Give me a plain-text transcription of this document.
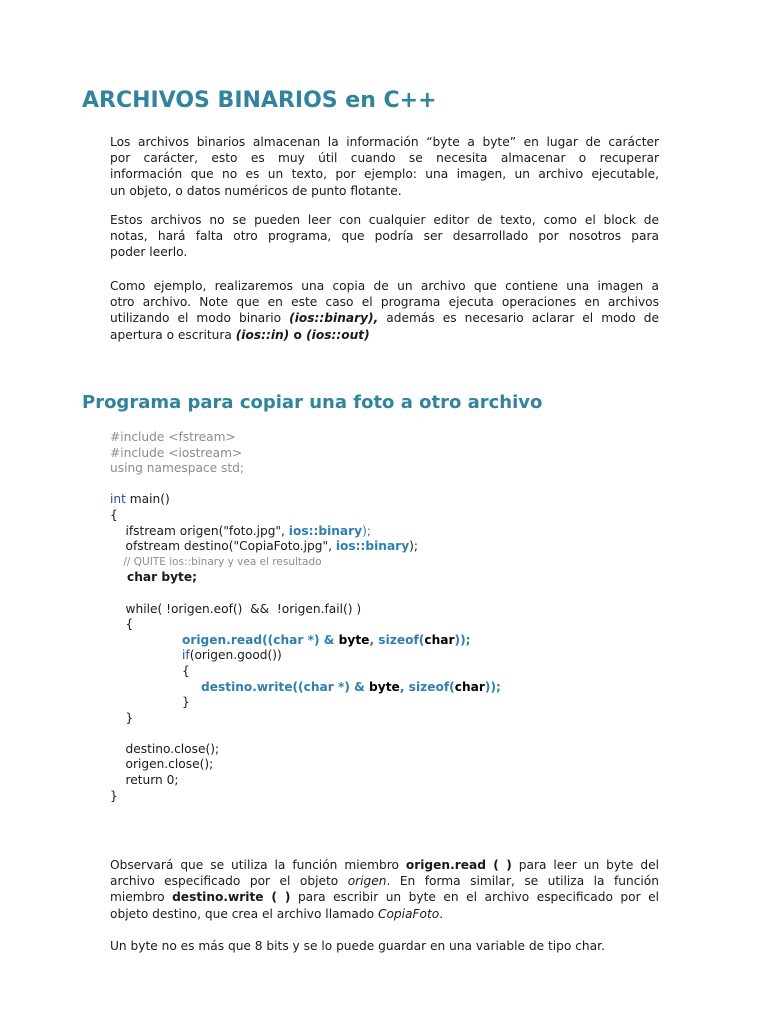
ARCHIVOS BINARIOS en C++
Los archivos binarios almacenan la información “byte a byte” en lugar de carácter
por carácter, esto es muy útil cuando se necesita almacenar o recuperar
información que no es un texto, por ejemplo: una imagen, un archivo ejecutable,
un objeto, o datos numéricos de punto flotante.
Estos archivos no se pueden leer con cualquier editor de texto, como el block de
notas, hará falta otro programa, que podría ser desarrollado por nosotros para
poder leerlo.
Como ejemplo, realizaremos una copia de un archivo que contiene una imagen a
otro archivo. Note que en este caso el programa ejecuta operaciones en archivos
utilizando el modo binario (ios::binary), además es necesario aclarar el modo de
apertura o escritura (ios::in) o (ios::out)
Programa para copiar una foto a otro archivo
#include <fstream>
#include <iostream>
using namespace std;
int main()
{
ifstream origen("foto.jpg", ios::binary);
ofstream destino("CopiaFoto.jpg", ios::binary);
// QUITE ios::binary y vea el resultado
char byte;
while( !origen.eof()  &&  !origen.fail() )
{
origen.read((char *) & byte, sizeof(char));
if(origen.good())
{
destino.write((char *) & byte, sizeof(char));
}
}
destino.close();
origen.close();
return 0;
}
Observará que se utiliza la función miembro origen.read ( ) para leer un byte del
archivo especificado por el objeto origen. En forma similar, se utiliza la función
miembro destino.write ( ) para escribir un byte en el archivo especificado por el
objeto destino, que crea el archivo llamado CopiaFoto.
Un byte no es más que 8 bits y se lo puede guardar en una variable de tipo char.
